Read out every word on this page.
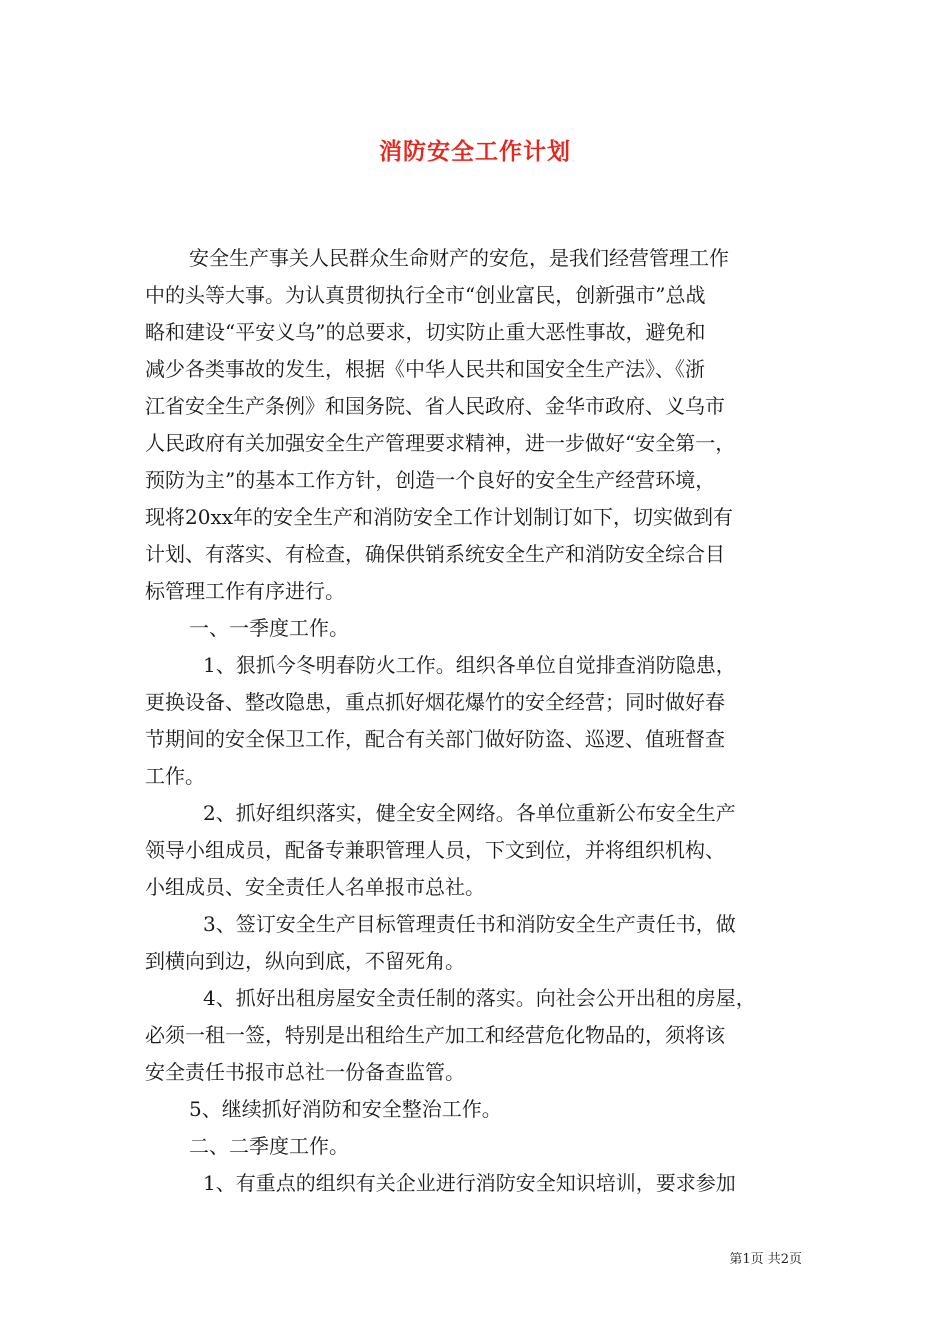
消防安全工作计划
安全生产事关人民群众生命财产的安危，是我们经营管理工作
中的头等大事。为认真贯彻执行全市“创业富民，创新强市”总战
略和建设“平安义乌”的总要求，切实防止重大恶性事故，避免和
减少各类事故的发生，根据《中华人民共和国安全生产法》、《浙
江省安全生产条例》和国务院、省人民政府、金华市政府、义乌市
人民政府有关加强安全生产管理要求精神，进一步做好“安全第一，
预防为主”的基本工作方针，创造一个良好的安全生产经营环境，
现将20xx年的安全生产和消防安全工作计划制订如下，切实做到有
计划、有落实、有检查，确保供销系统安全生产和消防安全综合目
标管理工作有序进行。
一、一季度工作。
1、狠抓今冬明春防火工作。组织各单位自觉排查消防隐患，
更换设备、整改隐患，重点抓好烟花爆竹的安全经营；同时做好春
节期间的安全保卫工作，配合有关部门做好防盗、巡逻、值班督查
工作。
2、抓好组织落实，健全安全网络。各单位重新公布安全生产
领导小组成员，配备专兼职管理人员，下文到位，并将组织机构、
小组成员、安全责任人名单报市总社。
3、签订安全生产目标管理责任书和消防安全生产责任书，做
到横向到边，纵向到底，不留死角。
4、抓好出租房屋安全责任制的落实。向社会公开出租的房屋，
必须一租一签，特别是出租给生产加工和经营危化物品的，须将该
安全责任书报市总社一份备查监管。
5、继续抓好消防和安全整治工作。
二、二季度工作。
1、有重点的组织有关企业进行消防安全知识培训，要求参加
第1页 共2页
